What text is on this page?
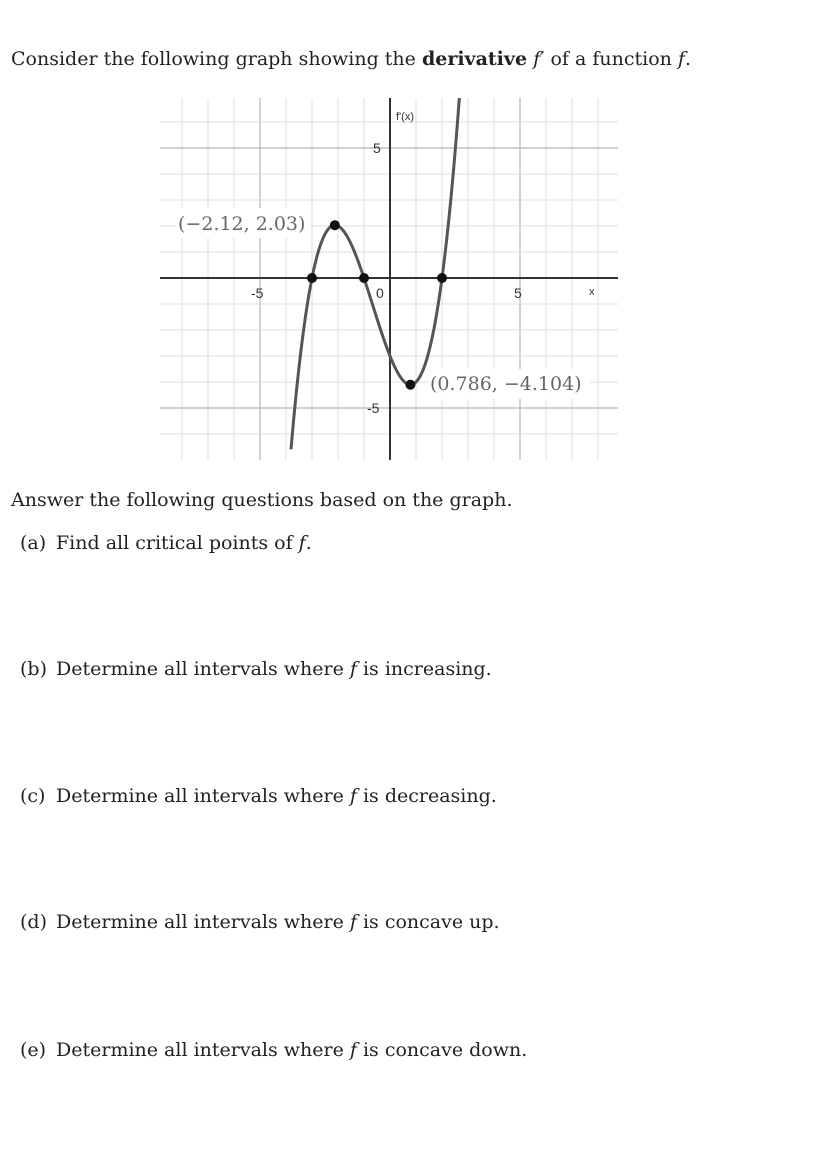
Consider the following graph showing the derivative f′ of a function f.
f'(x)
x
-5	0	5
5
-5
(−2.12, 2.03)
(0.786, −4.104)
Answer the following questions based on the graph.
(a) Find all critical points of f.
(b) Determine all intervals where f is increasing.
(c) Determine all intervals where f is decreasing.
(d) Determine all intervals where f is concave up.
(e) Determine all intervals where f is concave down.
